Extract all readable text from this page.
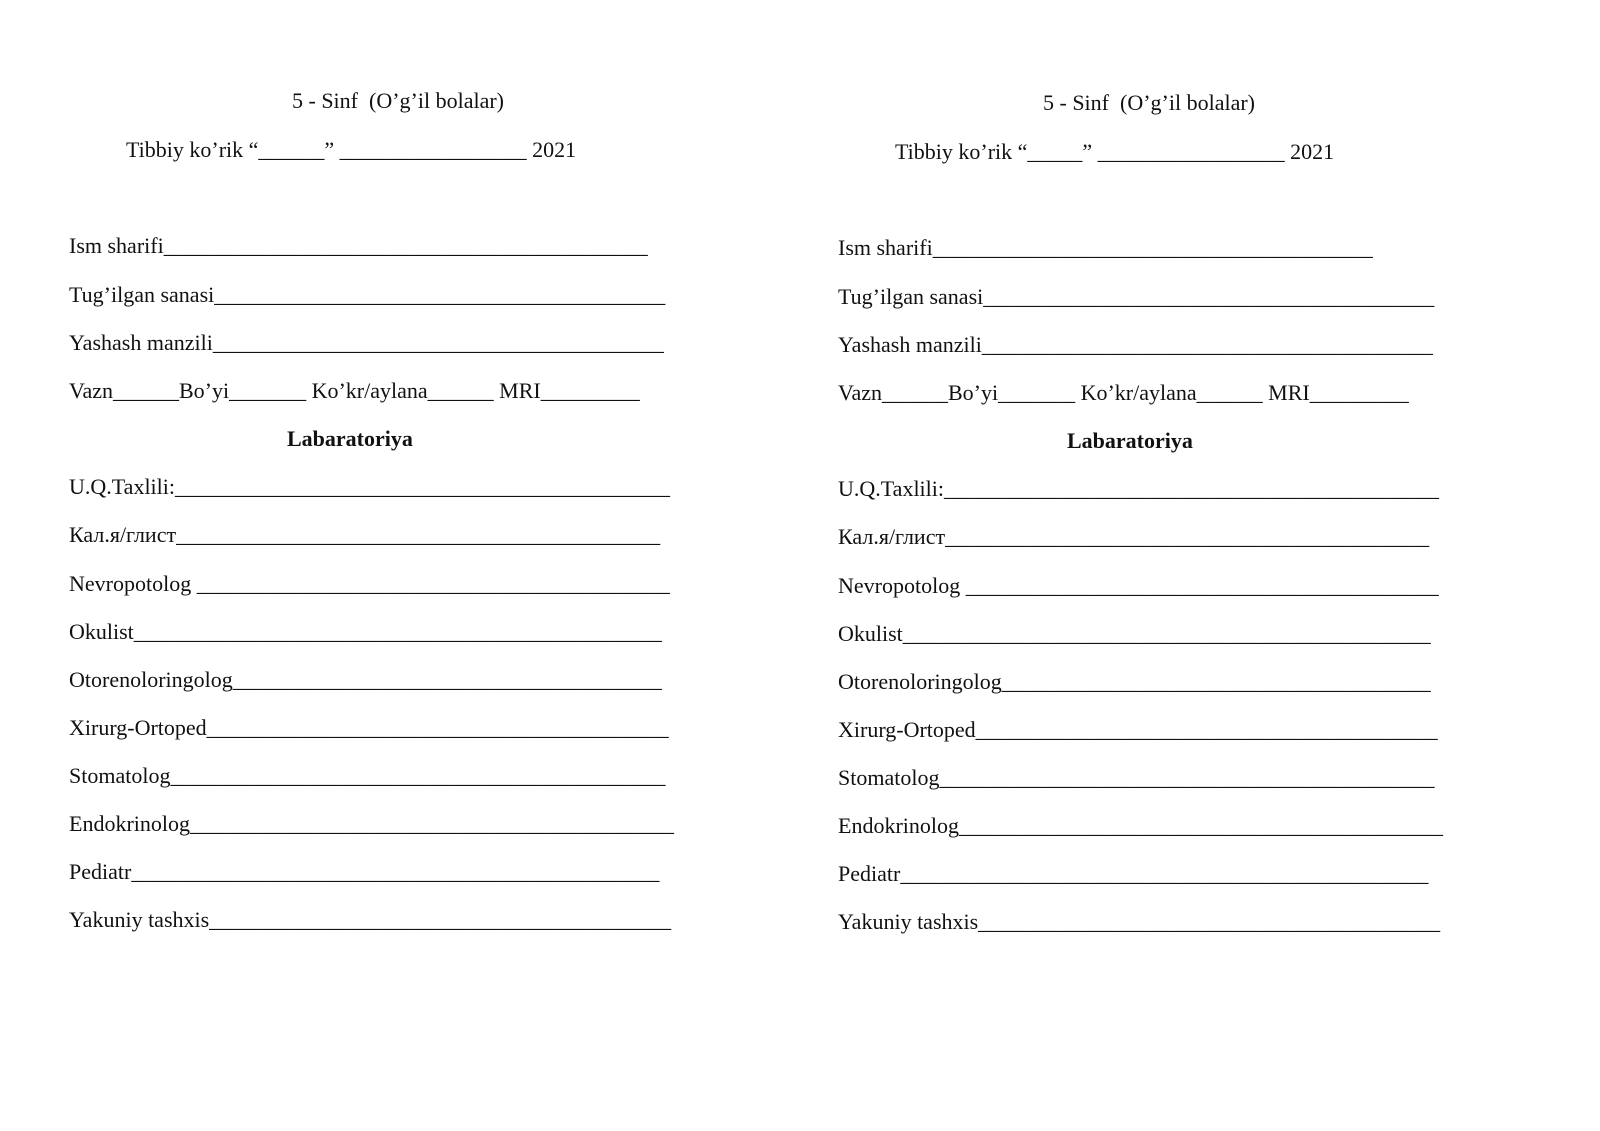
5 - Sinf  (O’g’il bolalar)
Tibbiy ko’rik “______” _________________ 2021
Ism sharifi____________________________________________
Tug’ilgan sanasi_________________________________________
Yashash manzili_________________________________________
Vazn______Bo’yi_______ Ko’kr/aylana______ MRI_________
Labaratoriya
U.Q.Taxlili:_____________________________________________
Кал.я/глист____________________________________________
Nevropotolog ___________________________________________
Okulist________________________________________________
Otorenoloringolog_______________________________________
Xirurg-Ortoped__________________________________________
Stomatolog_____________________________________________
Endokrinolog____________________________________________
Pediatr________________________________________________
Yakuniy tashxis__________________________________________
5 - Sinf  (O’g’il bolalar)
Tibbiy ko’rik “_____” _________________ 2021
Ism sharifi________________________________________
Tug’ilgan sanasi_________________________________________
Yashash manzili_________________________________________
Vazn______Bo’yi_______ Ko’kr/aylana______ MRI_________
Labaratoriya
U.Q.Taxlili:_____________________________________________
Кал.я/глист____________________________________________
Nevropotolog ___________________________________________
Okulist________________________________________________
Otorenoloringolog_______________________________________
Xirurg-Ortoped__________________________________________
Stomatolog_____________________________________________
Endokrinolog____________________________________________
Pediatr________________________________________________
Yakuniy tashxis__________________________________________
